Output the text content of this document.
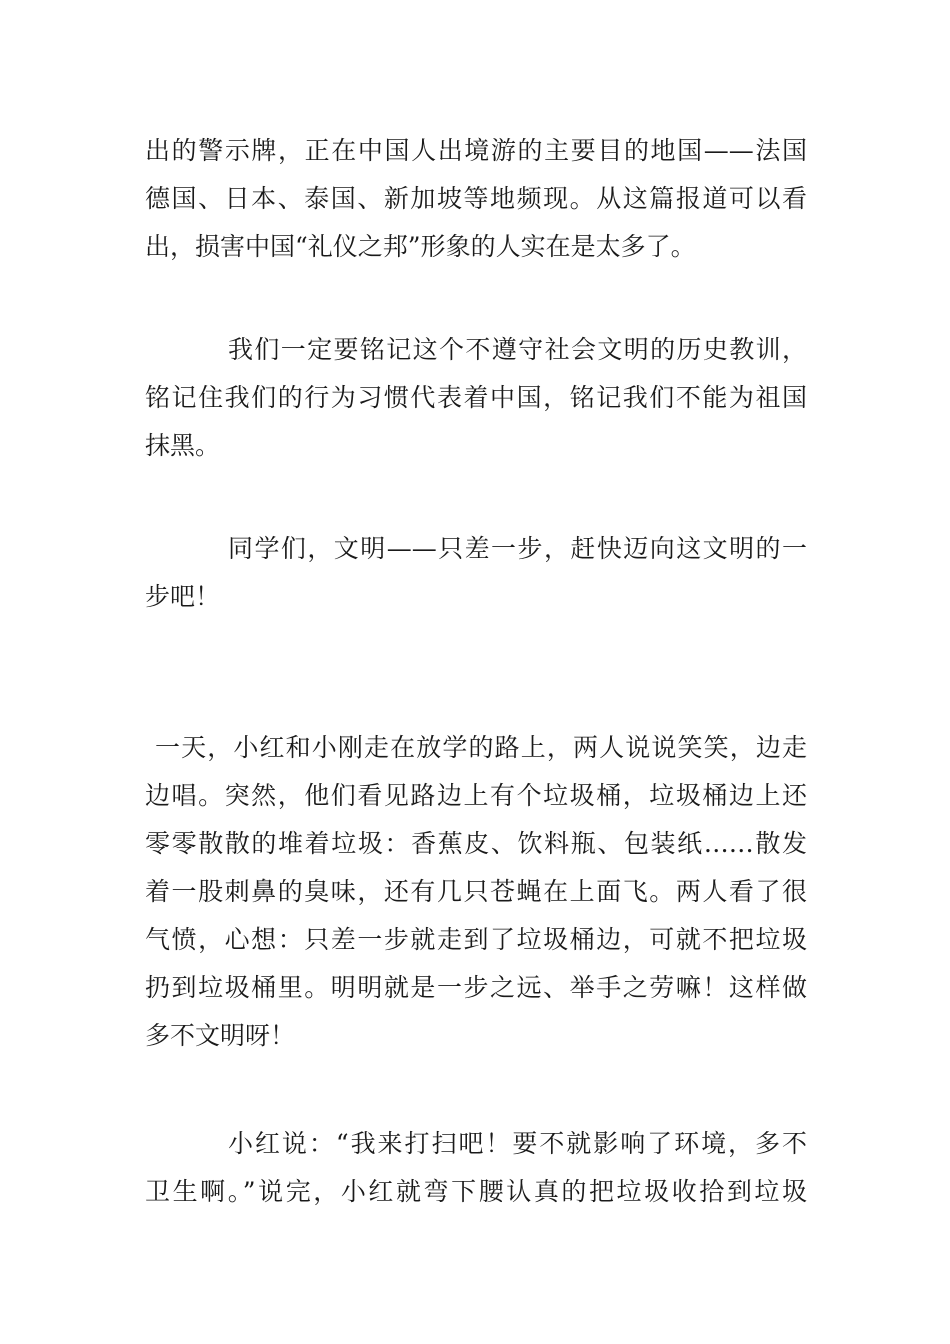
出的警示牌，正在中国人出境游的主要目的地国——法国
德国、日本、泰国、新加坡等地频现。从这篇报道可以看
出，损害中国“礼仪之邦”形象的人实在是太多了。
我们一定要铭记这个不遵守社会文明的历史教训，
铭记住我们的行为习惯代表着中国，铭记我们不能为祖国
抹黑。
同学们，文明——只差一步，赶快迈向这文明的一
步吧！
一天，小红和小刚走在放学的路上，两人说说笑笑，边走
边唱。突然，他们看见路边上有个垃圾桶，垃圾桶边上还
零零散散的堆着垃圾：香蕉皮、饮料瓶、包装纸……散发
着一股刺鼻的臭味，还有几只苍蝇在上面飞。两人看了很
气愤，心想：只差一步就走到了垃圾桶边，可就不把垃圾
扔到垃圾桶里。明明就是一步之远、举手之劳嘛！这样做
多不文明呀！
小红说：“我来打扫吧！要不就影响了环境，多不
卫生啊。”说完，小红就弯下腰认真的把垃圾收拾到垃圾
